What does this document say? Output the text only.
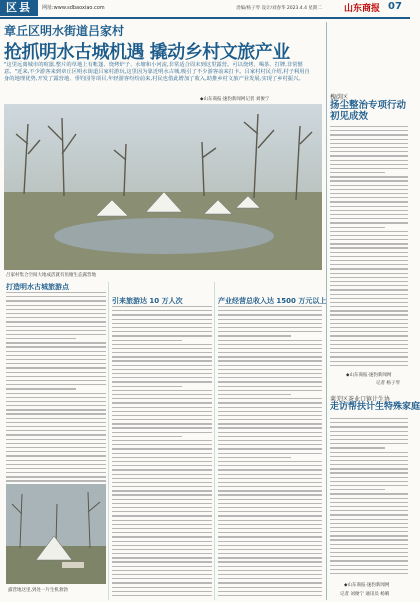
区县	网址:www.sdbaoxiao.com	责编/杨子琴 设计/刘春华 2023.4.4 星期二 山东商报 07
章丘区明水街道吕家村
抢抓明水古城机遇 撬动乡村文旅产业
"这里远离城市的喧嚣,整片的草地上有帐篷、烧烤炉子、水塘和小河流,非常适合周末到这里露营。可以烧烤、喝茶、打牌,非常惬意。"近来,不少游客来到章丘区明水街道吕家村游玩,这里因为靠近明水古城,吸引了不少游客前来打卡。吕家村村民介绍,村子利用自身的地理优势,开发了露营地、垂钓园等项目,年轻游客纷纷前来,村民也借此增加了收入,助推乡村文旅产业发展,实现了乡村振兴。
◆山东商报·速豹新闻网记者 刘俊宁
吕家村集合空间大地成活就有鱼塘生态露营地
打造明水古城旅游点
引来旅游达 10 万人次	产业经营总收入达 1500 万元以上
露营地这里,到处一片生机勃勃
槐荫区
扬尘整治专项行动初见成效
◆山东商报·速豹新闻网
记者 杨子琴
莱芜区茶业口镇计生协
走访帮扶计生特殊家庭
◆山东商报·速豹新闻网
记者 刘俊宁 通讯员 杨晴
